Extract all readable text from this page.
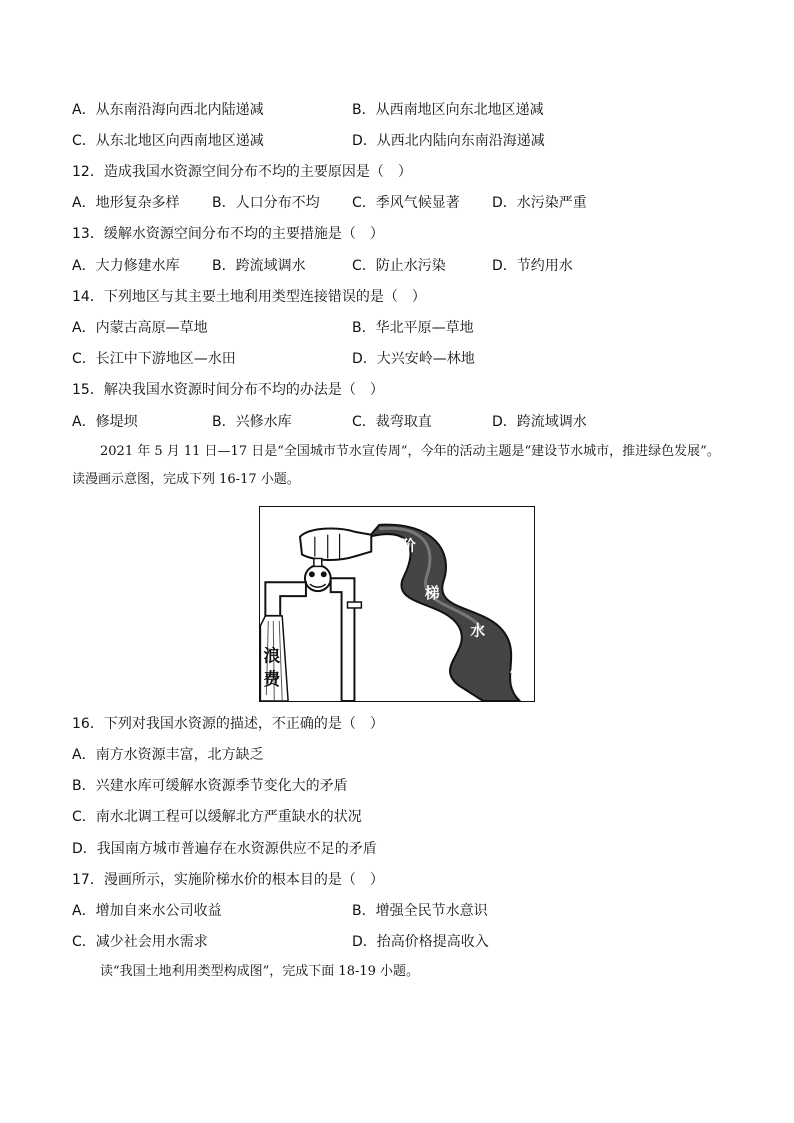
A．从东南沿海向西北内陆递减	B．从西南地区向东北地区递减
C．从东北地区向西南地区递减	D．从西北内陆向东南沿海递减
12．造成我国水资源空间分布不均的主要原因是（　）
A．地形复杂多样 B．人口分布不均 C．季风气候显著 D．水污染严重
13．缓解水资源空间分布不均的主要措施是（　）
A．大力修建水库 B．跨流域调水	C．防止水污染	D．节约用水
14．下列地区与其主要土地利用类型连接错误的是（　）
A．内蒙古高原—草地	B．华北平原—草地
C．长江中下游地区—水田	D．大兴安岭—林地
15．解决我国水资源时间分布不均的办法是（　）
A．修堤坝	B．兴修水库	C．裁弯取直	D．跨流域调水
2021 年 5 月 11 日—17 日是“全国城市节水宣传周”，今年的活动主题是“建设节水城市，推进绿色发展”。读漫画示意图，完成下列 16-17 小题。
阶
梯
水
价
浪
费
16．下列对我国水资源的描述，不正确的是（　）
A．南方水资源丰富，北方缺乏
B．兴建水库可缓解水资源季节变化大的矛盾
C．南水北调工程可以缓解北方严重缺水的状况
D．我国南方城市普遍存在水资源供应不足的矛盾
17．漫画所示，实施阶梯水价的根本目的是（　）
A．增加自来水公司收益	B．增强全民节水意识
C．减少社会用水需求	D．抬高价格提高收入
读“我国土地利用类型构成图”，完成下面 18-19 小题。
